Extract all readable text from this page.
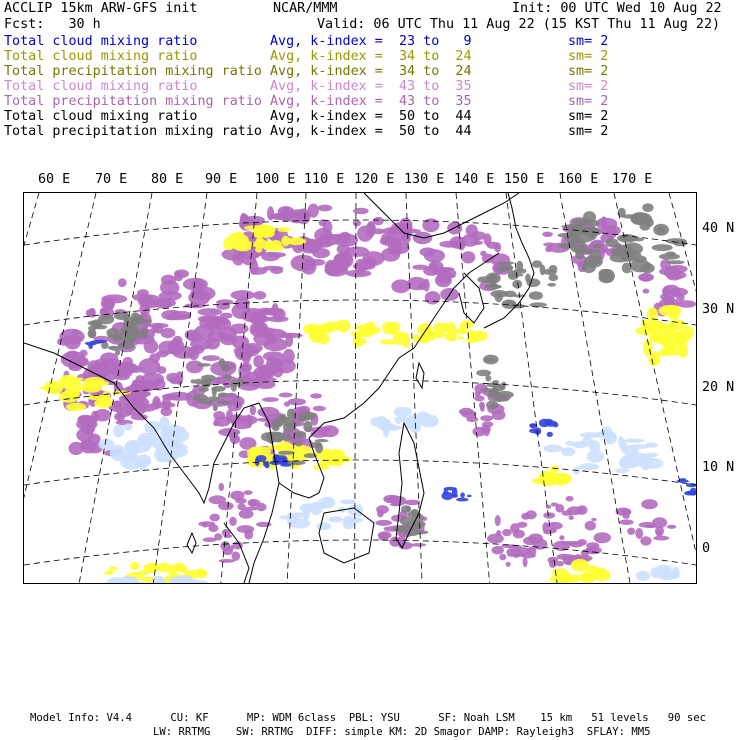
ACCLIP 15km ARW-GFS init	NCAR/MMM	Init: 00 UTC Wed 10 Aug 22
Fcst:   30 h	Valid: 06 UTC Thu 11 Aug 22 (15 KST Thu 11 Aug 22)
Total cloud mixing ratio	Avg, k-index =  23 to   9	sm= 2
Total cloud mixing ratio	Avg, k-index =  34 to  24	sm= 2
Total precipitation mixing ratio Avg, k-index =  34 to  24	sm= 2
Total cloud mixing ratio	Avg, k-index =  43 to  35	sm= 2
Total precipitation mixing ratio Avg, k-index =  43 to  35	sm= 2
Total cloud mixing ratio	Avg, k-index =  50 to  44	sm= 2
Total precipitation mixing ratio Avg, k-index =  50 to  44	sm= 2
60 E 70 E 80 E 90 E 100 E 110 E 120 E 130 E 140 E 150 E 160 E 170 E
40 N
30 N
20 N
10 N
0
Model Info: V4.4      CU: KF      MP: WDM 6class  PBL: YSU      SF: Noah LSM    15 km   51 levels   90 sec
LW: RRTMG    SW: RRTMG  DIFF: simple KM: 2D Smagor DAMP: Rayleigh3  SFLAY: MM5
